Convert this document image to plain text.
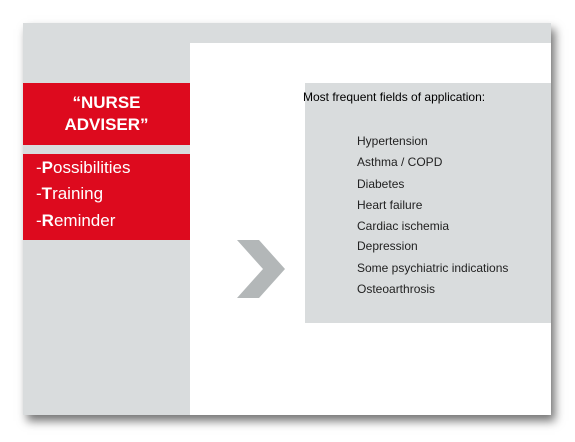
“NURSE ADVISER”
-Possibilities
-Training
-Reminder
Most frequent fields of application:
Hypertension
Asthma / COPD
Diabetes
Heart failure
Cardiac ischemia
Depression
Some psychiatric indications
Osteoarthrosis
